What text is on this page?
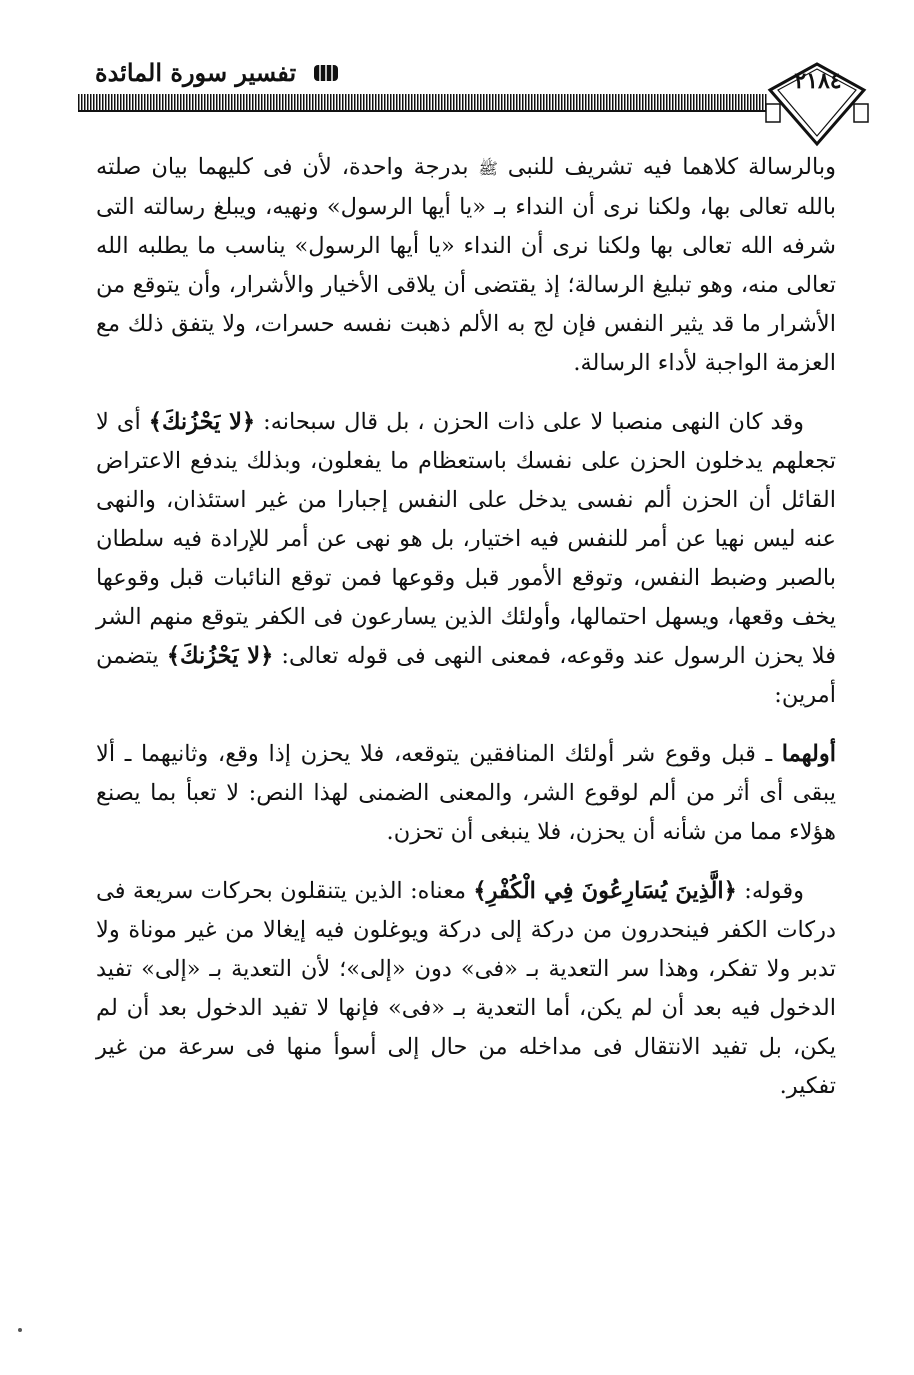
تفسير سورة المائدة	٢١٨٤

وبالرسالة كلاهما فيه تشريف للنبى ﷺ بدرجة واحدة، لأن فى كليهما بيان صلته بالله تعالى بها، ولكنا نرى أن النداء بـ «يا أيها الرسول» ونهيه، ويبلغ رسالته التى شرفه الله تعالى بها ولكنا نرى أن النداء «يا أيها الرسول» يناسب ما يطلبه الله تعالى منه، وهو تبليغ الرسالة؛ إذ يقتضى أن يلاقى الأخيار والأشرار، وأن يتوقع من الأشرار ما قد يثير النفس فإن لج به الألم ذهبت نفسه حسرات، ولا يتفق ذلك مع العزمة الواجبة لأداء الرسالة.

وقد كان النهى منصبا لا على ذات الحزن ، بل قال سبحانه: ﴿لا يَحْزُنكَ﴾ أى لا تجعلهم يدخلون الحزن على نفسك باستعظام ما يفعلون، وبذلك يندفع الاعتراض القائل أن الحزن ألم نفسى يدخل على النفس إجبارا من غير استئذان، والنهى عنه ليس نهيا عن أمر للنفس فيه اختيار، بل هو نهى عن أمر للإرادة فيه سلطان بالصبر وضبط النفس، وتوقع الأمور قبل وقوعها فمن توقع النائبات قبل وقوعها يخف وقعها، ويسهل احتمالها، وأولئك الذين يسارعون فى الكفر يتوقع منهم الشر فلا يحزن الرسول عند وقوعه، فمعنى النهى فى قوله تعالى: ﴿لا يَحْزُنكَ﴾ يتضمن أمرين:

أولهما ـ قبل وقوع شر أولئك المنافقين يتوقعه، فلا يحزن إذا وقع، وثانيهما ـ ألا يبقى أى أثر من ألم لوقوع الشر، والمعنى الضمنى لهذا النص: لا تعبأ بما يصنع هؤلاء مما من شأنه أن يحزن، فلا ينبغى أن تحزن.

وقوله: ﴿الَّذِينَ يُسَارِعُونَ فِي الْكُفْرِ﴾ معناه: الذين يتنقلون بحركات سريعة فى دركات الكفر فينحدرون من دركة إلى دركة ويوغلون فيه إيغالا من غير موناة ولا تدبر ولا تفكر، وهذا سر التعدية بـ «فى» دون «إلى»؛ لأن التعدية بـ «إلى» تفيد الدخول فيه بعد أن لم يكن، أما التعدية بـ «فى» فإنها لا تفيد الدخول بعد أن لم يكن، بل تفيد الانتقال فى مداخله من حال إلى أسوأ منها فى سرعة من غير تفكير.
